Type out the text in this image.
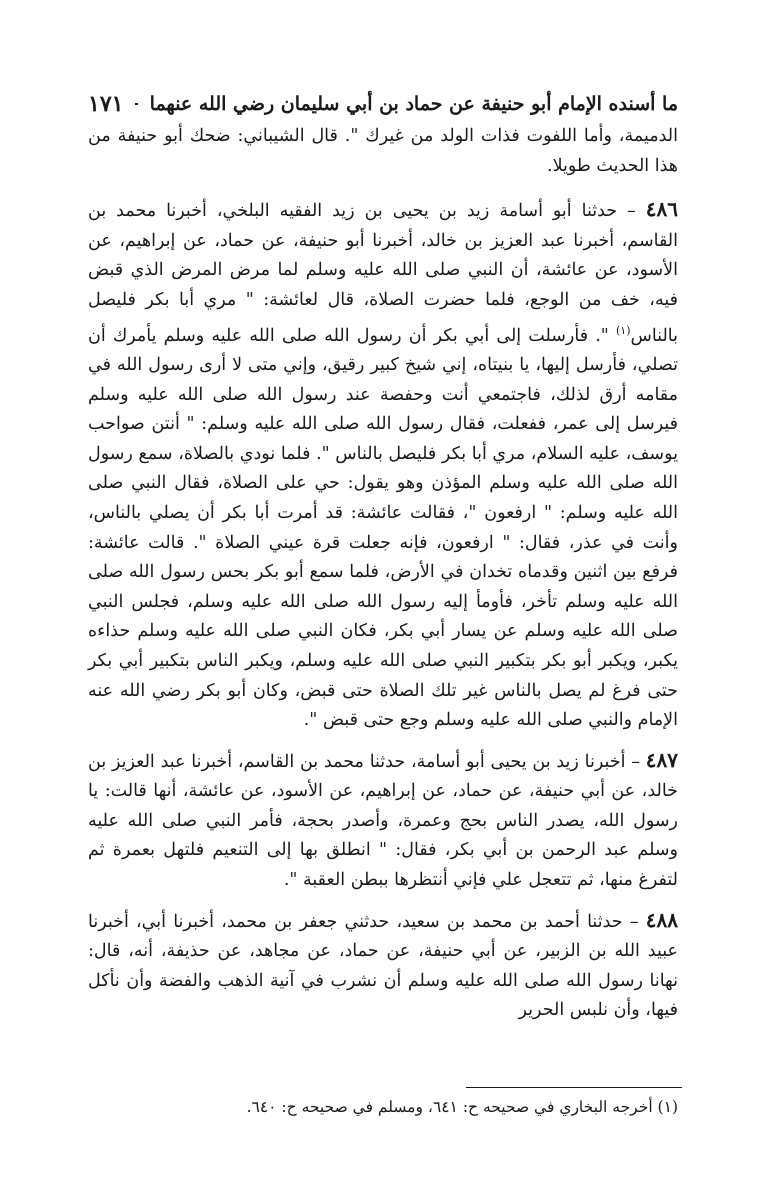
ما أسنده الإمام أبو حنيفة عن حماد بن أبي سليمان رضي الله عنهما
١٧١

الدميمة، وأما اللفوت فذات الولد من غيرك ". قال الشيباني: ضحك أبو حنيفة من هذا الحديث طويلا.

٤٨٦ – حدثنا أبو أسامة زيد بن يحيى بن زيد الفقيه البلخي، أخبرنا محمد بن القاسم، أخبرنا عبد العزيز بن خالد، أخبرنا أبو حنيفة، عن حماد، عن إبراهيم، عن الأسود، عن عائشة، أن النبي صلى الله عليه وسلم لما مرض المرض الذي قبض فيه، خف من الوجع، فلما حضرت الصلاة، قال لعائشة: " مري أبا بكر فليصل بالناس$^{(١)}$ ". فأرسلت إلى أبي بكر أن رسول الله صلى الله عليه وسلم يأمرك أن تصلي، فأرسل إليها، يا بنيتاه، إني شيخ كبير رقيق، وإني متى لا أرى رسول الله في مقامه أرق لذلك، فاجتمعي أنت وحفصة عند رسول الله صلى الله عليه وسلم فيرسل إلى عمر، ففعلت، فقال رسول الله صلى الله عليه وسلم: " أنتن صواحب يوسف، عليه السلام، مري أبا بكر فليصل بالناس ". فلما نودي بالصلاة، سمع رسول الله صلى الله عليه وسلم المؤذن وهو يقول: حي على الصلاة، فقال النبي صلى الله عليه وسلم: " ارفعون "، فقالت عائشة: قد أمرت أبا بكر أن يصلي بالناس، وأنت في عذر، فقال: " ارفعون، فإنه جعلت قرة عيني الصلاة ". قالت عائشة: فرفع بين اثنين وقدماه تخدان في الأرض، فلما سمع أبو بكر بحس رسول الله صلى الله عليه وسلم تأخر، فأومأ إليه رسول الله صلى الله عليه وسلم، فجلس النبي صلى الله عليه وسلم عن يسار أبي بكر، فكان النبي صلى الله عليه وسلم حذاءه يكبر، ويكبر أبو بكر بتكبير النبي صلى الله عليه وسلم، ويكبر الناس بتكبير أبي بكر حتى فرغ لم يصل بالناس غير تلك الصلاة حتى قبض، وكان أبو بكر رضي الله عنه الإمام والنبي صلى الله عليه وسلم وجع حتى قبض ".

٤٨٧ – أخبرنا زيد بن يحيى أبو أسامة، حدثنا محمد بن القاسم، أخبرنا عبد العزيز بن خالد، عن أبي حنيفة، عن حماد، عن إبراهيم، عن الأسود، عن عائشة، أنها قالت: يا رسول الله، يصدر الناس بحج وعمرة، وأصدر بحجة، فأمر النبي صلى الله عليه وسلم عبد الرحمن بن أبي بكر، فقال: " انطلق بها إلى التنعيم فلتهل بعمرة ثم لتفرغ منها، ثم تتعجل علي فإني أنتظرها ببطن العقبة ".

٤٨٨ – حدثنا أحمد بن محمد بن سعيد، حدثني جعفر بن محمد، أخبرنا أبي، أخبرنا عبيد الله بن الزبير، عن أبي حنيفة، عن حماد، عن مجاهد، عن حذيفة، أنه، قال: نهانا رسول الله صلى الله عليه وسلم أن نشرب في آنية الذهب والفضة وأن نأكل فيها، وأن نلبس الحرير

(١) أخرجه البخاري في صحيحه ح: ٦٤١، ومسلم في صحيحه ح: ٦٤٠.
